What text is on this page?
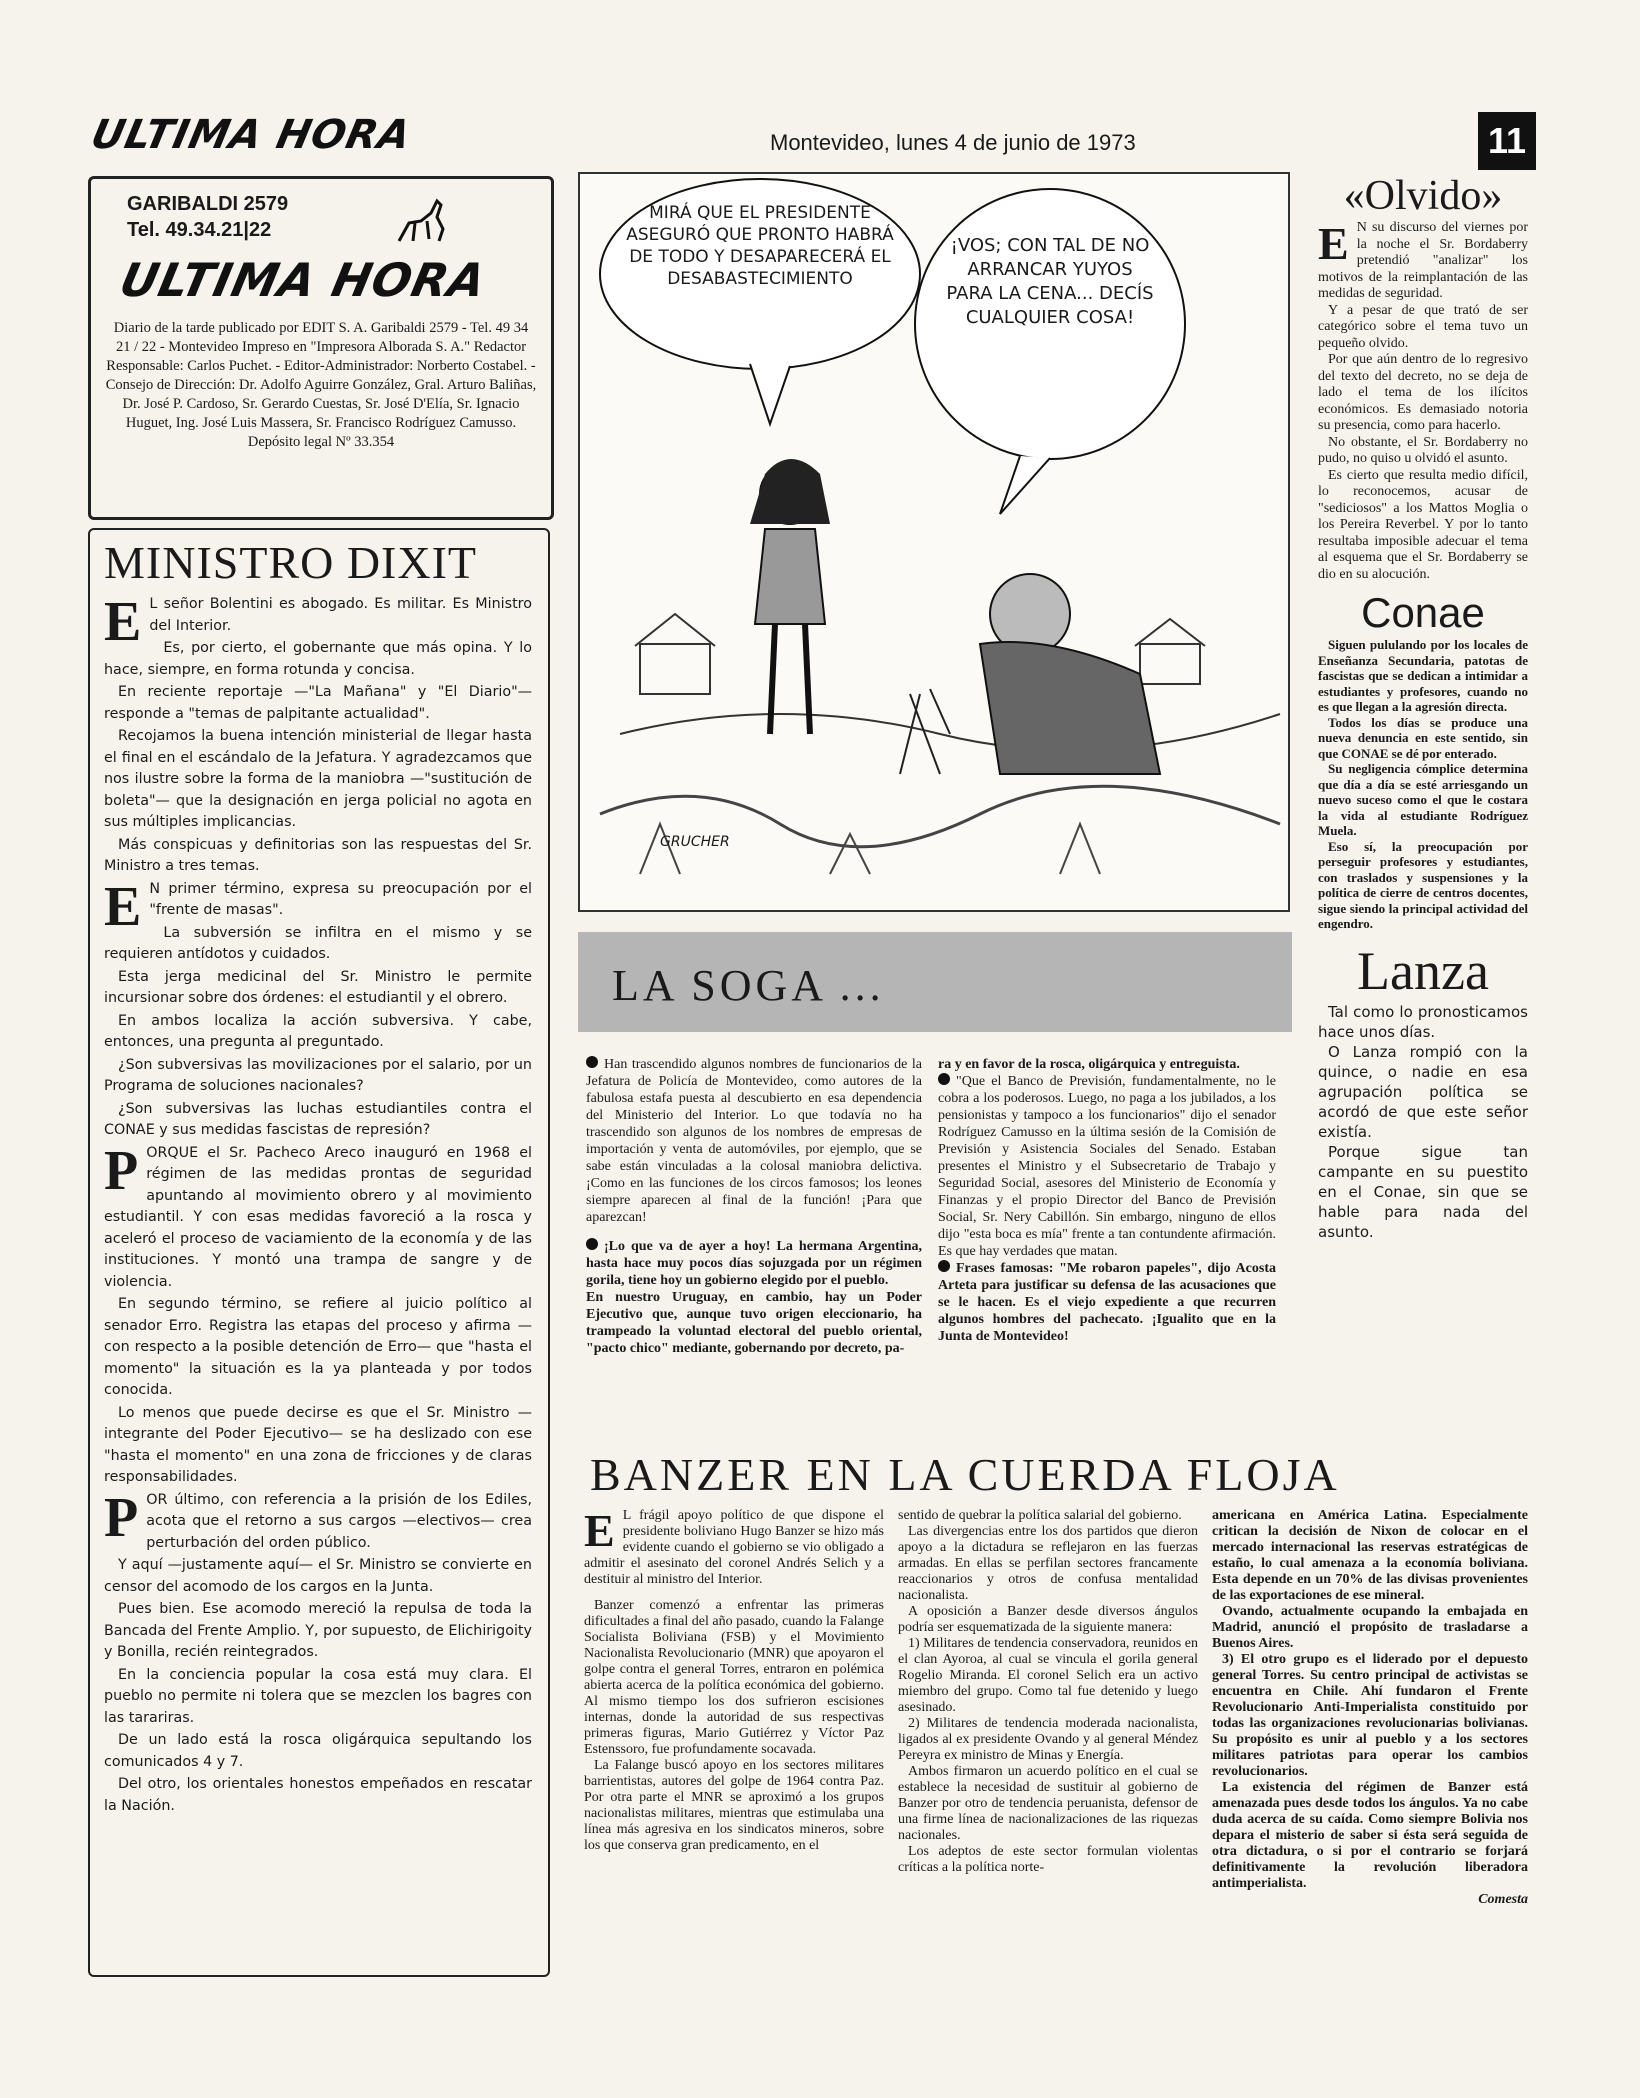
ULTIMA HORA	Montevideo, lunes 4 de junio de 1973	11
GARIBALDI 2579
Tel. 49.34.21|22
ULTIMA HORA
Diario de la tarde publicado por EDIT S. A. Garibaldi 2579 - Tel. 49 34 21 / 22 - Montevideo Impreso en "Impresora Alborada S. A." Redactor Responsable: Carlos Puchet. - Editor-Administrador: Norberto Costabel. - Consejo de Dirección: Dr. Adolfo Aguirre González, Gral. Arturo Baliñas, Dr. José P. Cardoso, Sr. Gerardo Cuestas, Sr. José D'Elía, Sr. Ignacio Huguet, Ing. José Luis Massera, Sr. Francisco Rodríguez Camusso.
Depósito legal Nº 33.354
MINISTRO DIXIT

E L señor Bolentini es abogado. Es militar. Es Ministro del Interior.

Es, por cierto, el gobernante que más opina. Y lo hace, siempre, en forma rotunda y concisa.

En reciente reportaje —"La Mañana" y "El Diario"— responde a "temas de palpitante actualidad".

Recojamos la buena intención ministerial de llegar hasta el final en el escándalo de la Jefatura. Y agradezcamos que nos ilustre sobre la forma de la maniobra —"sustitución de boleta"— que la designación en jerga policial no agota en sus múltiples implicancias.

Más conspicuas y definitorias son las respuestas del Sr. Ministro a tres temas.

E N primer término, expresa su preocupación por el "frente de masas".

La subversión se infiltra en el mismo y se requieren antídotos y cuidados.

Esta jerga medicinal del Sr. Ministro le permite incursionar sobre dos órdenes: el estudiantil y el obrero.

En ambos localiza la acción subversiva. Y cabe, entonces, una pregunta al preguntado.

¿Son subversivas las movilizaciones por el salario, por un Programa de soluciones nacionales?

¿Son subversivas las luchas estudiantiles contra el CONAE y sus medidas fascistas de represión?

PORQUE el Sr. Pacheco Areco inauguró en 1968 el régimen de las medidas prontas de seguridad apuntando al movimiento obrero y al movimiento estudiantil. Y con esas medidas favoreció a la rosca y aceleró el proceso de vaciamiento de la economía y de las instituciones. Y montó una trampa de sangre y de violencia.

En segundo término, se refiere al juicio político al senador Erro. Registra las etapas del proceso y afirma —con respecto a la posible detención de Erro— que "hasta el momento" la situación es la ya planteada y por todos conocida.

Lo menos que puede decirse es que el Sr. Ministro —integrante del Poder Ejecutivo— se ha deslizado con ese "hasta el momento" en una zona de fricciones y de claras responsabilidades.

POR último, con referencia a la prisión de los Ediles, acota que el retorno a sus cargos —electivos— crea perturbación del orden público.

Y aquí —justamente aquí— el Sr. Ministro se convierte en censor del acomodo de los cargos en la Junta.

Pues bien. Ese acomodo mereció la repulsa de toda la Bancada del Frente Amplio. Y, por supuesto, de Elichirigoity y Bonilla, recién reintegrados.

En la conciencia popular la cosa está muy clara. El pueblo no permite ni tolera que se mezclen los bagres con las tarariras.

De un lado está la rosca oligárquica sepultando los comunicados 4 y 7.

Del otro, los orientales honestos empeñados en rescatar la Nación.

MIRÁ QUE EL PRESIDENTE ASEGURÓ QUE PRONTO HABRÁ DE TODO Y DESAPARECERÁ EL DESABASTECIMIENTO
¡VOS; CON TAL DE NO ARRANCAR YUYOS PARA LA CENA... DECÍS CUALQUIER COSA!
GRUCHER
LA SOGA ...

Han trascendido algunos nombres de funcionarios de la Jefatura de Policía de Montevideo, como autores de la fabulosa estafa puesta al descubierto en esa dependencia del Ministerio del Interior. Lo que todavía no ha trascendido son algunos de los nombres de empresas de importación y venta de automóviles, por ejemplo, que se sabe están vinculadas a la colosal maniobra delictiva. ¡Como en las funciones de los circos famosos; los leones siempre aparecen al final de la función! ¡Para que aparezcan!

¡Lo que va de ayer a hoy! La hermana Argentina, hasta hace muy pocos días sojuzgada por un régimen gorila, tiene hoy un gobierno elegido por el pueblo.

En nuestro Uruguay, en cambio, hay un Poder Ejecutivo que, aunque tuvo origen eleccionario, ha trampeado la voluntad electoral del pueblo oriental, "pacto chico" mediante, gobernando por decreto, pa-

ra y en favor de la rosca, oligárquica y entreguista.

"Que el Banco de Previsión, fundamentalmente, no le cobra a los poderosos. Luego, no paga a los jubilados, a los pensionistas y tampoco a los funcionarios" dijo el senador Rodríguez Camusso en la última sesión de la Comisión de Previsión y Asistencia Sociales del Senado. Estaban presentes el Ministro y el Subsecretario de Trabajo y Seguridad Social, asesores del Ministerio de Economía y Finanzas y el propio Director del Banco de Previsión Social, Sr. Nery Cabillón. Sin embargo, ninguno de ellos dijo "esta boca es mía" frente a tan contundente afirmación. Es que hay verdades que matan.

Frases famosas: "Me robaron papeles", dijo Acosta Arteta para justificar su defensa de las acusaciones que se le hacen. Es el viejo expediente a que recurren algunos hombres del pachecato. ¡Igualito que en la Junta de Montevideo!

«Olvido»

E N su discurso del viernes por la noche el Sr. Bordaberry pretendió "analizar" los motivos de la reimplantación de las medidas de seguridad.

Y a pesar de que trató de ser categórico sobre el tema tuvo un pequeño olvido.

Por que aún dentro de lo regresivo del texto del decreto, no se deja de lado el tema de los ilícitos económicos. Es demasiado notoria su presencia, como para hacerlo.

No obstante, el Sr. Bordaberry no pudo, no quiso u olvidó el asunto.

Es cierto que resulta medio difícil, lo reconocemos, acusar de "sediciosos" a los Mattos Moglia o los Pereira Reverbel. Y por lo tanto resultaba imposible adecuar el tema al esquema que el Sr. Bordaberry se dio en su alocución.

Conae

Siguen pululando por los locales de Enseñanza Secundaria, patotas de fascistas que se dedican a intimidar a estudiantes y profesores, cuando no es que llegan a la agresión directa.

Todos los días se produce una nueva denuncia en este sentido, sin que CONAE se dé por enterado.

Su negligencia cómplice determina que día a día se esté arriesgando un nuevo suceso como el que le costara la vida al estudiante Rodríguez Muela.

Eso sí, la preocupación por perseguir profesores y estudiantes, con traslados y suspensiones y la política de cierre de centros docentes, sigue siendo la principal actividad del engendro.

Lanza

Tal como lo pronosticamos hace unos días.

O Lanza rompió con la quince, o nadie en esa agrupación política se acordó de que este señor existía.

Porque sigue tan campante en su puestito en el Conae, sin que se hable para nada del asunto.

BANZER EN LA CUERDA FLOJA

E L frágil apoyo político de que dispone el presidente boliviano Hugo Banzer se hizo más evidente cuando el gobierno se vio obligado a admitir el asesinato del coronel Andrés Selich y a destituir al ministro del Interior.

Banzer comenzó a enfrentar las primeras dificultades a final del año pasado, cuando la Falange Socialista Boliviana (FSB) y el Movimiento Nacionalista Revolucionario (MNR) que apoyaron el golpe contra el general Torres, entraron en polémica abierta acerca de la política económica del gobierno. Al mismo tiempo los dos sufrieron escisiones internas, donde la autoridad de sus respectivas primeras figuras, Mario Gutiérrez y Víctor Paz Estenssoro, fue profundamente socavada.

La Falange buscó apoyo en los sectores militares barrientistas, autores del golpe de 1964 contra Paz. Por otra parte el MNR se aproximó a los grupos nacionalistas militares, mientras que estimulaba una línea más agresiva en los sindicatos mineros, sobre los que conserva gran predicamento, en el

sentido de quebrar la política salarial del gobierno.

Las divergencias entre los dos partidos que dieron apoyo a la dictadura se reflejaron en las fuerzas armadas. En ellas se perfilan sectores francamente reaccionarios y otros de confusa mentalidad nacionalista.

A oposición a Banzer desde diversos ángulos podría ser esquematizada de la siguiente manera:

1) Militares de tendencia conservadora, reunidos en el clan Ayoroa, al cual se vincula el gorila general Rogelio Miranda. El coronel Selich era un activo miembro del grupo. Como tal fue detenido y luego asesinado.

2) Militares de tendencia moderada nacionalista, ligados al ex presidente Ovando y al general Méndez Pereyra ex ministro de Minas y Energía.

Ambos firmaron un acuerdo político en el cual se establece la necesidad de sustituir al gobierno de Banzer por otro de tendencia peruanista, defensor de una firme línea de nacionalizaciones de las riquezas nacionales.

Los adeptos de este sector formulan violentas críticas a la política norte-

americana en América Latina. Especialmente critican la decisión de Nixon de colocar en el mercado internacional las reservas estratégicas de estaño, lo cual amenaza a la economía boliviana. Esta depende en un 70% de las divisas provenientes de las exportaciones de ese mineral.

Ovando, actualmente ocupando la embajada en Madrid, anunció el propósito de trasladarse a Buenos Aires.

3) El otro grupo es el liderado por el depuesto general Torres. Su centro principal de activistas se encuentra en Chile. Ahí fundaron el Frente Revolucionario Anti-Imperialista constituido por todas las organizaciones revolucionarias bolivianas. Su propósito es unir al pueblo y a los sectores militares patriotas para operar los cambios revolucionarios.

La existencia del régimen de Banzer está amenazada pues desde todos los ángulos. Ya no cabe duda acerca de su caída. Como siempre Bolivia nos depara el misterio de saber si ésta será seguida de otra dictadura, o si por el contrario se forjará definitivamente la revolución liberadora antimperialista.

Comesta
